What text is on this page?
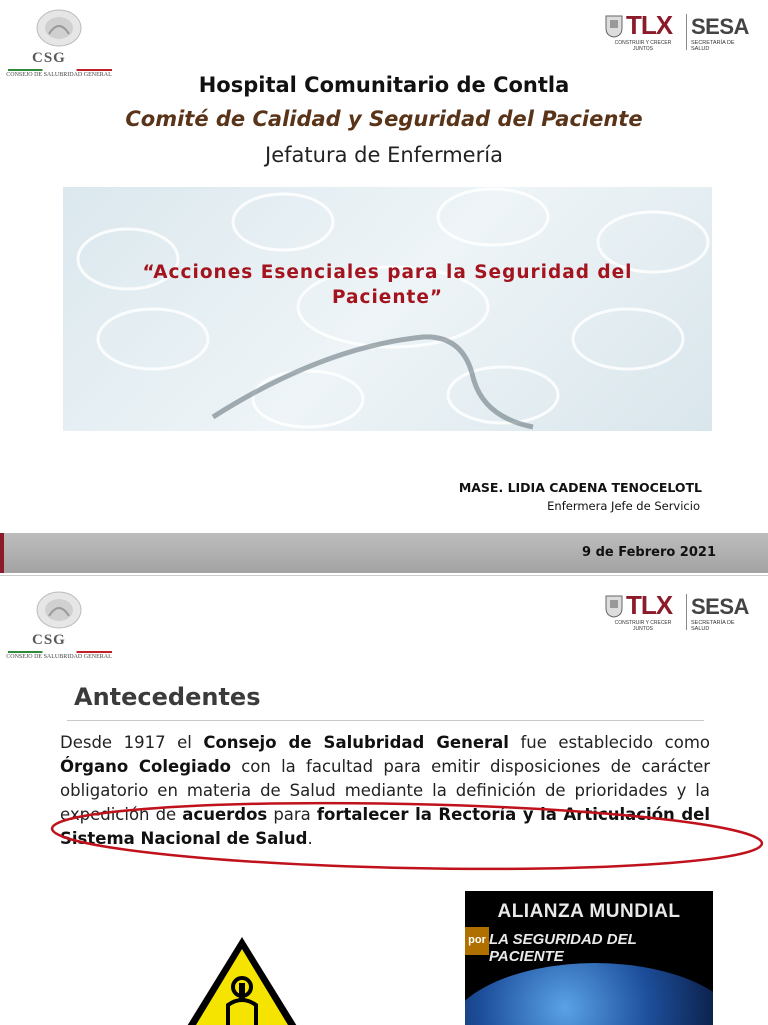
CSG
CONSEJO DE SALUBRIDAD GENERAL
TLX
CONSTRUIR Y CRECER JUNTOS
SESA
SECRETARÍA DE SALUD
Hospital Comunitario de Contla
Comité de Calidad y Seguridad del Paciente
Jefatura de Enfermería
“Acciones Esenciales para la Seguridad del Paciente”
MASE. LIDIA CADENA TENOCELOTL
Enfermera Jefe de Servicio
9 de Febrero 2021
CSG
CONSEJO DE SALUBRIDAD GENERAL
TLX
CONSTRUIR Y CRECER JUNTOS
SESA
SECRETARÍA DE SALUD
Antecedentes
Desde 1917 el Consejo de Salubridad General fue establecido como Órgano Colegiado con la facultad para emitir disposiciones de carácter obligatorio en materia de Salud mediante la definición de prioridades y la expedición de acuerdos para fortalecer la Rectoría y la Articulación del Sistema Nacional de Salud.
ALIANZA MUNDIAL
por LA SEGURIDAD DEL PACIENTE
